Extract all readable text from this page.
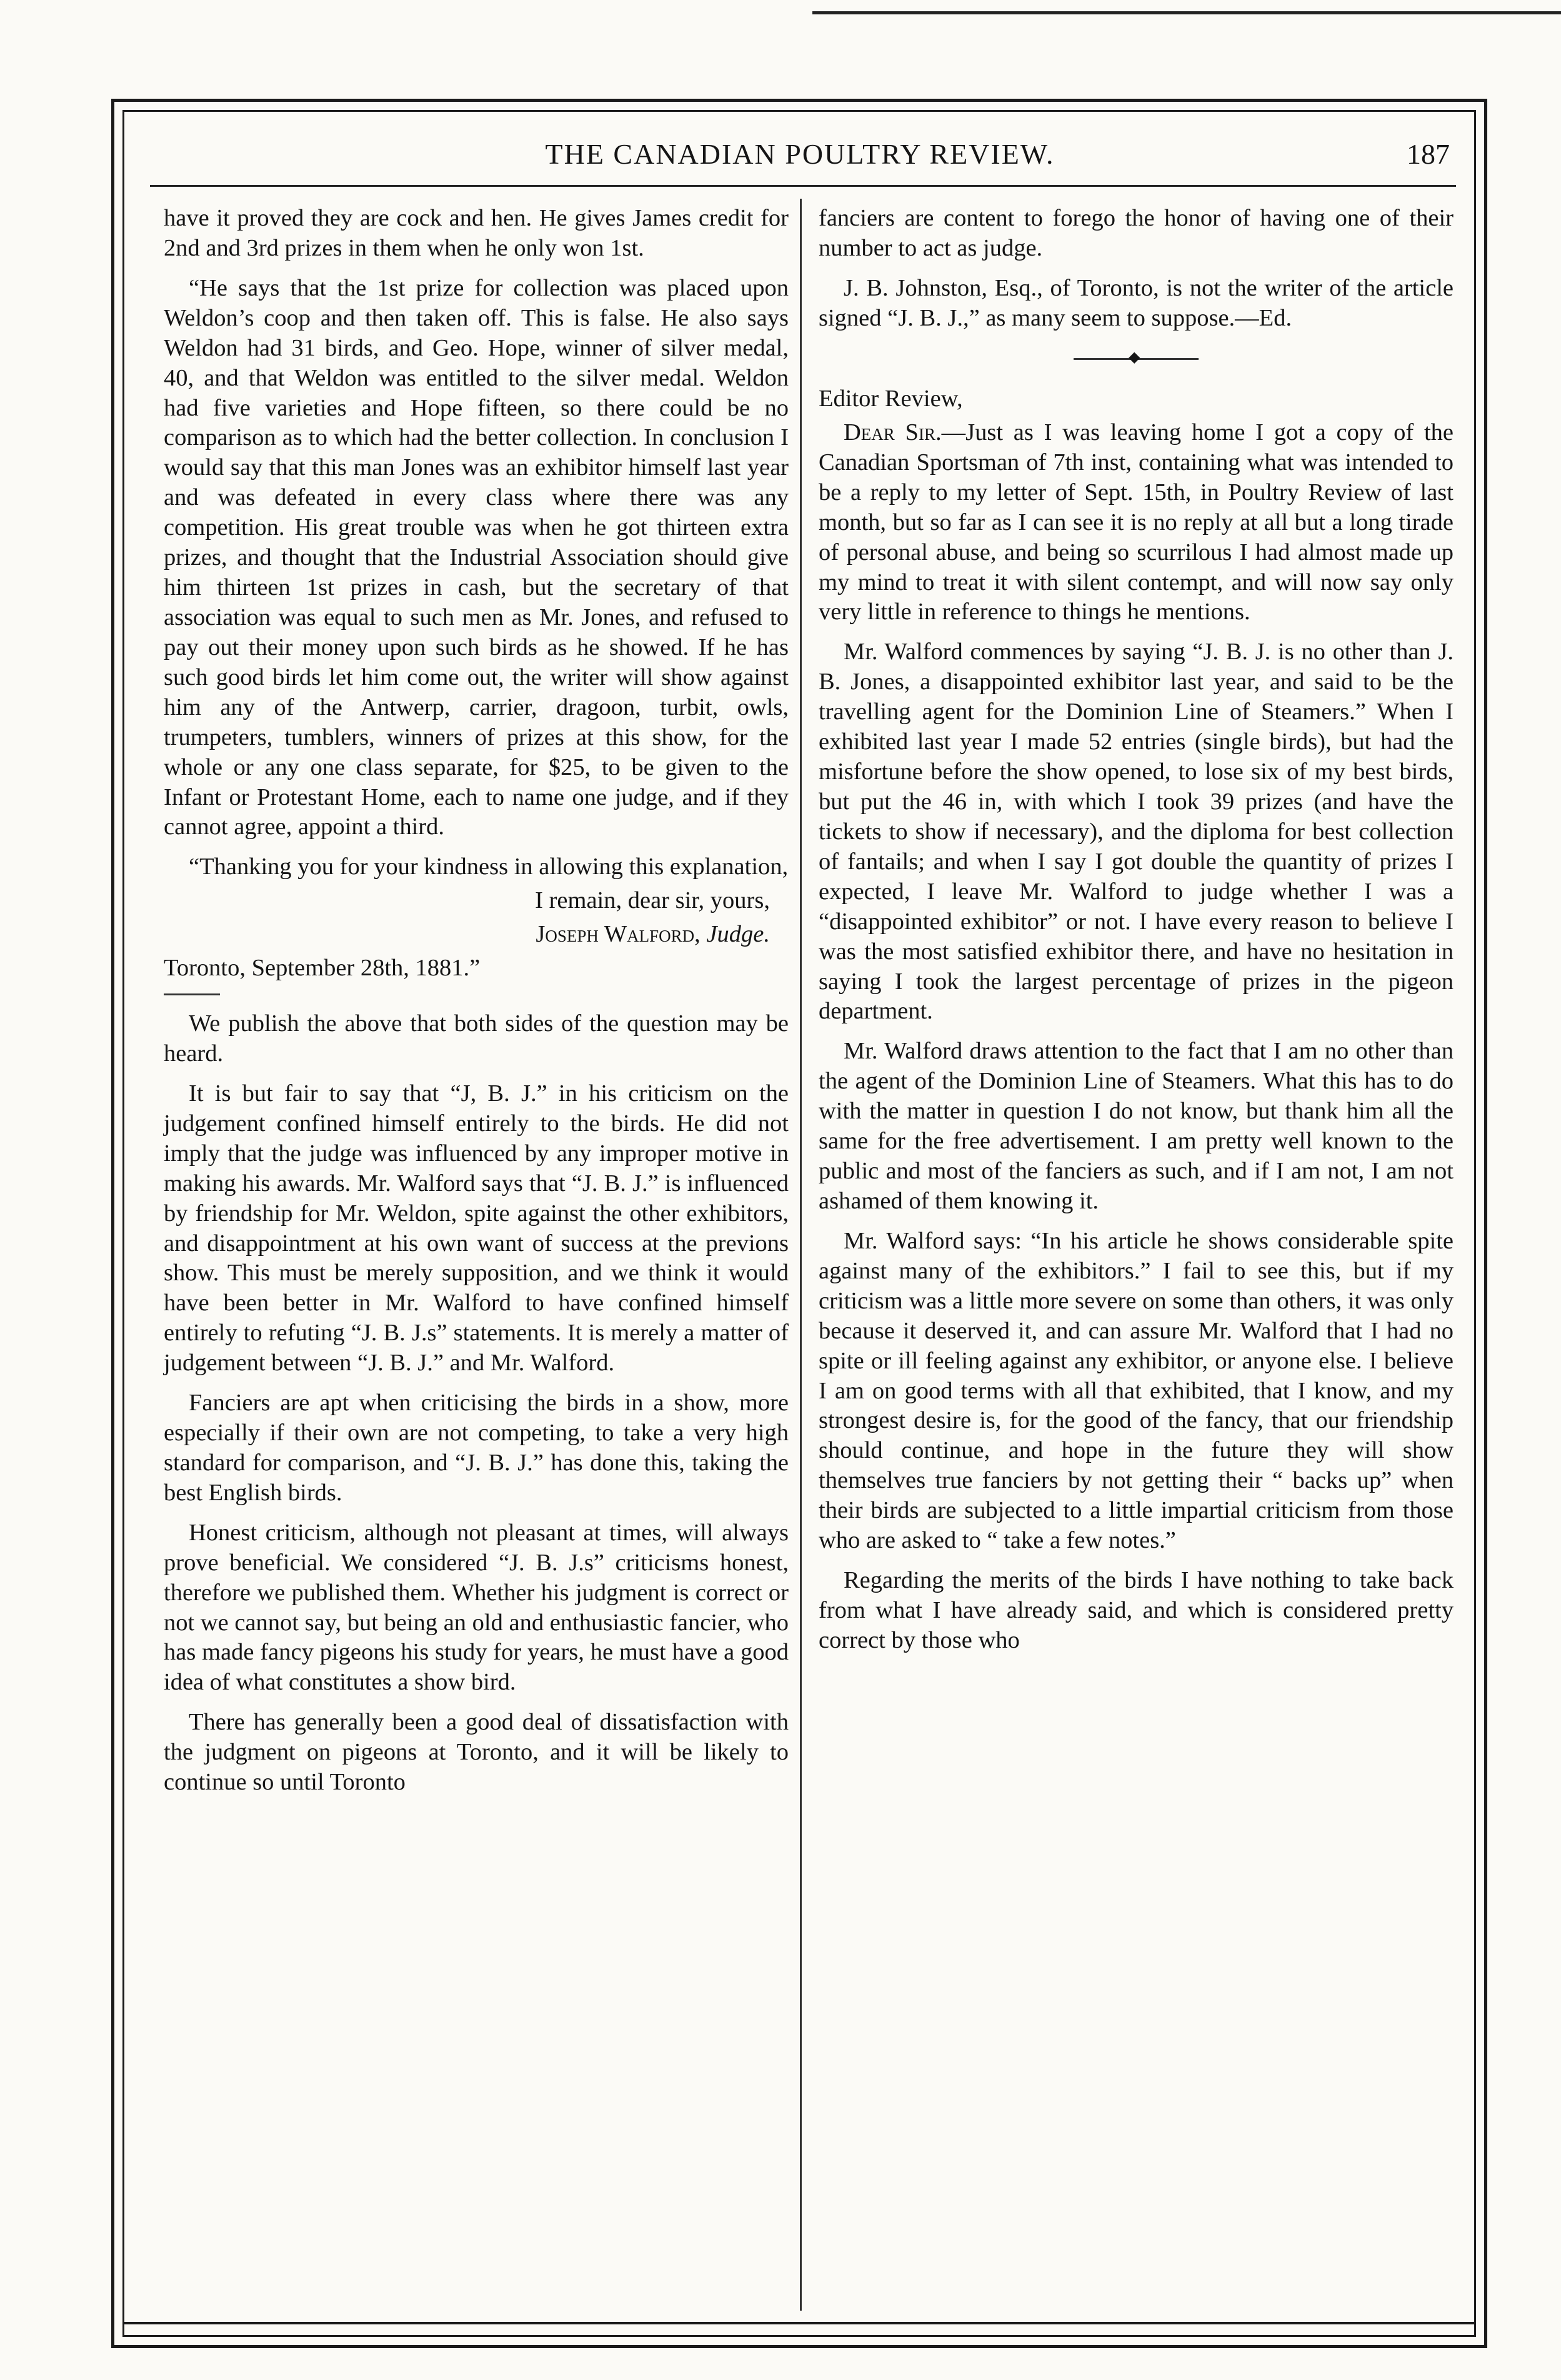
THE CANADIAN POULTRY REVIEW.	187

have it proved they are cock and hen. He gives James credit for 2nd and 3rd prizes in them when he only won 1st.

“He says that the 1st prize for collection was placed upon Weldon’s coop and then taken off. This is false. He also says Weldon had 31 birds, and Geo. Hope, winner of silver medal, 40, and that Weldon was entitled to the silver medal. Weldon had five varieties and Hope fifteen, so there could be no comparison as to which had the better collection. In conclusion I would say that this man Jones was an exhibitor himself last year and was defeated in every class where there was any competition. His great trouble was when he got thirteen extra prizes, and thought that the Industrial Association should give him thirteen 1st prizes in cash, but the secretary of that association was equal to such men as Mr. Jones, and refused to pay out their money upon such birds as he showed. If he has such good birds let him come out, the writer will show against him any of the Antwerp, carrier, dragoon, turbit, owls, trumpeters, tumblers, winners of prizes at this show, for the whole or any one class separate, for $25, to be given to the Infant or Protestant Home, each to name one judge, and if they cannot agree, appoint a third.

“Thanking you for your kindness in allowing this explanation,

I remain, dear sir, yours,

Joseph Walford, Judge.

Toronto, September 28th, 1881.”

We publish the above that both sides of the question may be heard.

It is but fair to say that “J, B. J.” in his criticism on the judgement confined himself entirely to the birds. He did not imply that the judge was influenced by any improper motive in making his awards. Mr. Walford says that “J. B. J.” is influenced by friendship for Mr. Weldon, spite against the other exhibitors, and disappointment at his own want of success at the previons show. This must be merely supposition, and we think it would have been better in Mr. Walford to have confined himself entirely to refuting “J. B. J.s” statements. It is merely a matter of judgement between “J. B. J.” and Mr. Walford.

Fanciers are apt when criticising the birds in a show, more especially if their own are not competing, to take a very high standard for comparison, and “J. B. J.” has done this, taking the best English birds.

Honest criticism, although not pleasant at times, will always prove beneficial. We considered “J. B. J.s” criticisms honest, therefore we published them. Whether his judgment is correct or not we cannot say, but being an old and enthusiastic fancier, who has made fancy pigeons his study for years, he must have a good idea of what constitutes a show bird.

There has generally been a good deal of dissatisfaction with the judgment on pigeons at Toronto, and it will be likely to continue so until Toronto

fanciers are content to forego the honor of having one of their number to act as judge.

J. B. Johnston, Esq., of Toronto, is not the writer of the article signed “J. B. J.,” as many seem to suppose.—Ed.

◆

Editor Review,

Dear Sir.—Just as I was leaving home I got a copy of the Canadian Sportsman of 7th inst, containing what was intended to be a reply to my letter of Sept. 15th, in Poultry Review of last month, but so far as I can see it is no reply at all but a long tirade of personal abuse, and being so scurrilous I had almost made up my mind to treat it with silent contempt, and will now say only very little in reference to things he mentions.

Mr. Walford commences by saying “J. B. J. is no other than J. B. Jones, a disappointed exhibitor last year, and said to be the travelling agent for the Dominion Line of Steamers.” When I exhibited last year I made 52 entries (single birds), but had the misfortune before the show opened, to lose six of my best birds, but put the 46 in, with which I took 39 prizes (and have the tickets to show if necessary), and the diploma for best collection of fantails; and when I say I got double the quantity of prizes I expected, I leave Mr. Walford to judge whether I was a “disappointed exhibitor” or not. I have every reason to believe I was the most satisfied exhibitor there, and have no hesitation in saying I took the largest percentage of prizes in the pigeon department.

Mr. Walford draws attention to the fact that I am no other than the agent of the Dominion Line of Steamers. What this has to do with the matter in question I do not know, but thank him all the same for the free advertisement. I am pretty well known to the public and most of the fanciers as such, and if I am not, I am not ashamed of them knowing it.

Mr. Walford says: “In his article he shows considerable spite against many of the exhibitors.” I fail to see this, but if my criticism was a little more severe on some than others, it was only because it deserved it, and can assure Mr. Walford that I had no spite or ill feeling against any exhibitor, or anyone else. I believe I am on good terms with all that exhibited, that I know, and my strongest desire is, for the good of the fancy, that our friendship should continue, and hope in the future they will show themselves true fanciers by not getting their “ backs up” when their birds are subjected to a little impartial criticism from those who are asked to “ take a few notes.”

Regarding the merits of the birds I have nothing to take back from what I have already said, and which is considered pretty correct by those who
